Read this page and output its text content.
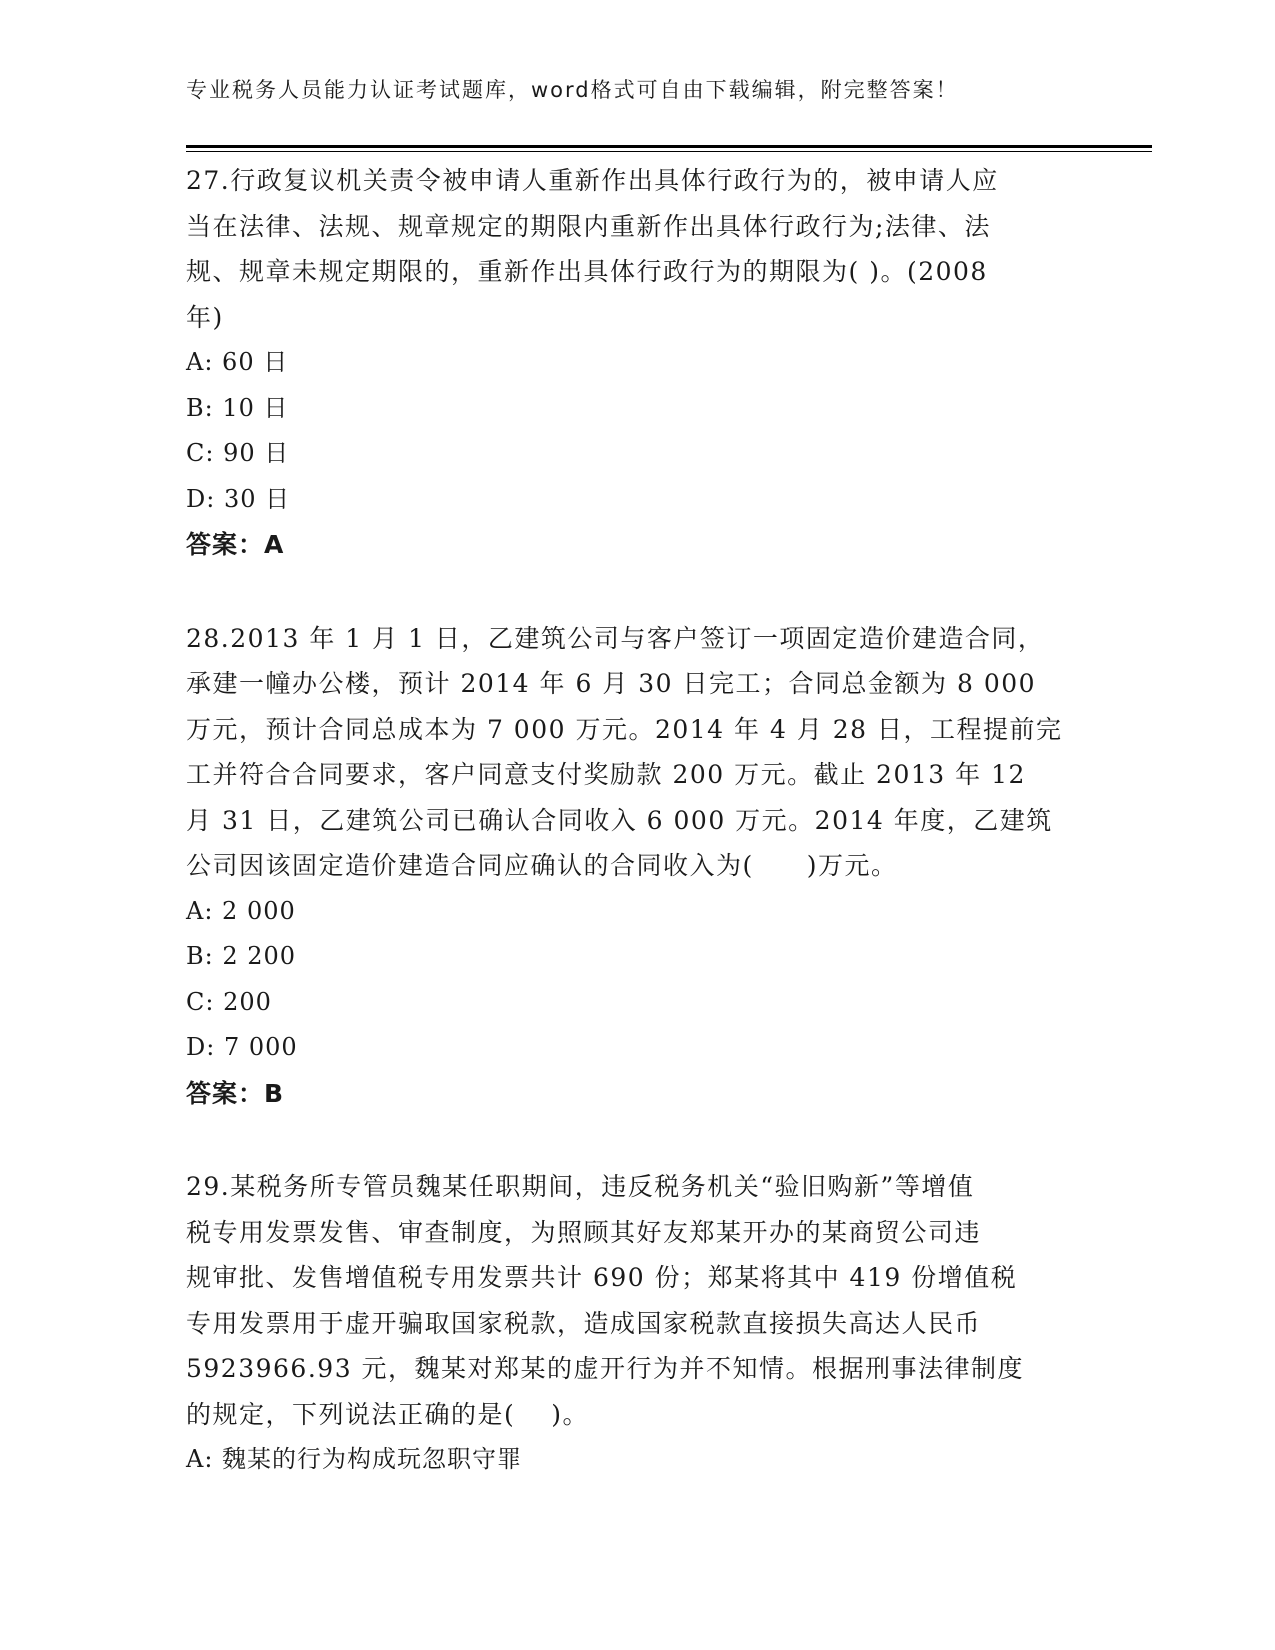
专业税务人员能力认证考试题库，word格式可自由下载编辑，附完整答案！

27.行政复议机关责令被申请人重新作出具体行政行为的，被申请人应

当在法律、法规、规章规定的期限内重新作出具体行政行为;法律、法

规、规章未规定期限的，重新作出具体行政行为的期限为( )。(2008

年)

A: 60 日

B: 10 日

C: 90 日

D: 30 日

答案：A

28.2013 年 1 月 1 日，乙建筑公司与客户签订一项固定造价建造合同，

承建一幢办公楼，预计 2014 年 6 月 30 日完工；合同总金额为 8 000

万元，预计合同总成本为 7 000 万元。2014 年 4 月 28 日，工程提前完

工并符合合同要求，客户同意支付奖励款 200 万元。截止 2013 年 12

月 31 日，乙建筑公司已确认合同收入 6 000 万元。2014 年度，乙建筑

公司因该固定造价建造合同应确认的合同收入为(　　)万元。

A: 2 000

B: 2 200

C: 200

D: 7 000

答案：B

29.某税务所专管员魏某任职期间，违反税务机关“验旧购新”等增值

税专用发票发售、审查制度，为照顾其好友郑某开办的某商贸公司违

规审批、发售增值税专用发票共计 690 份；郑某将其中 419 份增值税

专用发票用于虚开骗取国家税款，造成国家税款直接损失高达人民币

5923966.93 元，魏某对郑某的虚开行为并不知情。根据刑事法律制度

的规定，下列说法正确的是(　 )。

A: 魏某的行为构成玩忽职守罪
